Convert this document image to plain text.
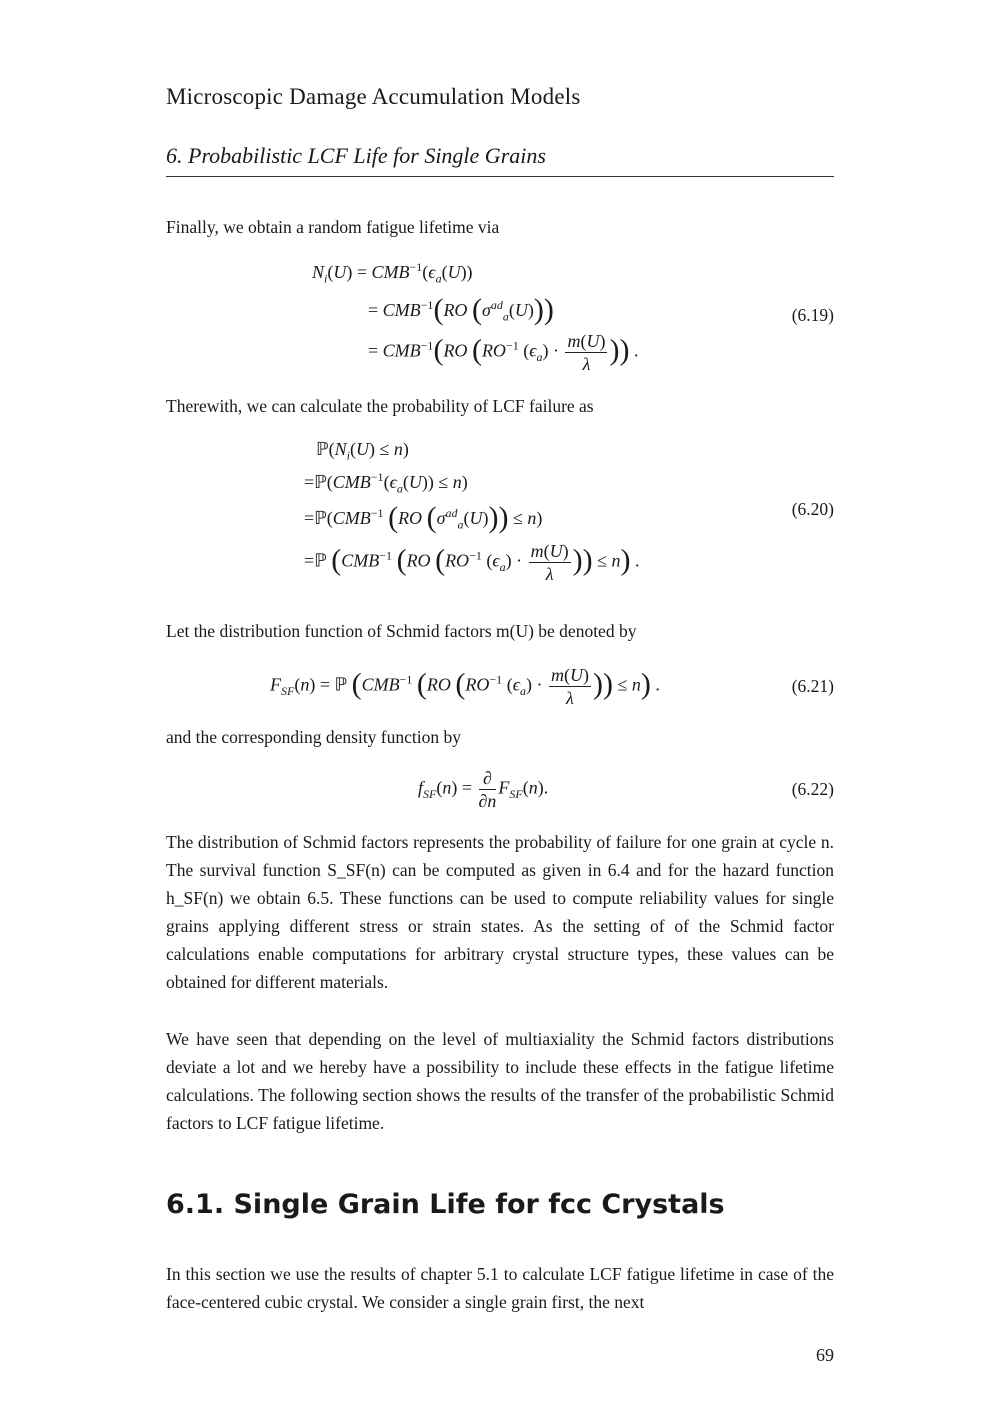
Microscopic Damage Accumulation Models
6. Probabilistic LCF Life for Single Grains

Finally, we obtain a random fatigue lifetime via

$N_i(U) = CMB^{-1}(\epsilon_a(U))$
= $CMB^{-1}(RO$ $(\sigma^{ad}_a(U))$)
= $CMB^{-1}(RO$ ($RO^{-1}$ $(\epsilon_a) \cdot \frac{m(U)}{\lambda}$ )) .
(6.19)

Therewith, we can calculate the probability of LCF failure as

$ℙ(N_i(U) \le n)$
$=ℙ(CMB^{-1}(\epsilon_a(U)) \le n)$
$=ℙ(CMB^{-1}$ (RO $(\sigma^{ad}_a(U))) \le n$)
=ℙ ($CMB^{-1}$ (RO ($RO^{-1}$ $(\epsilon_a) \cdot \frac{m(U)}{\lambda}$ )) ≤ n) .
(6.20)

Let the distribution function of Schmid factors m(U) be denoted by

$F_{SF}(n)$ = ℙ ($CMB^{-1}$ (RO ($RO^{-1}$ $(\epsilon_a) \cdot \frac{m(U)}{\lambda}$ )) ≤ n) .	(6.21)

and the corresponding density function by

$f_{SF}(n) = \frac{\partial}{\partial n} F_{SF}(n)$.	(6.22)

The distribution of Schmid factors represents the probability of failure for one grain at cycle n. The survival function S_SF(n) can be computed as given in 6.4 and for the hazard function h_SF(n) we obtain 6.5. These functions can be used to compute reliability values for single grains applying different stress or strain states. As the setting of of the Schmid factor calculations enable computations for arbitrary crystal structure types, these values can be obtained for different materials.

We have seen that depending on the level of multiaxiality the Schmid factors distributions deviate a lot and we hereby have a possibility to include these effects in the fatigue lifetime calculations. The following section shows the results of the transfer of the probabilistic Schmid factors to LCF fatigue lifetime.

6.1. Single Grain Life for fcc Crystals

In this section we use the results of chapter 5.1 to calculate LCF fatigue lifetime in case of the face-centered cubic crystal. We consider a single grain first, the next

69
